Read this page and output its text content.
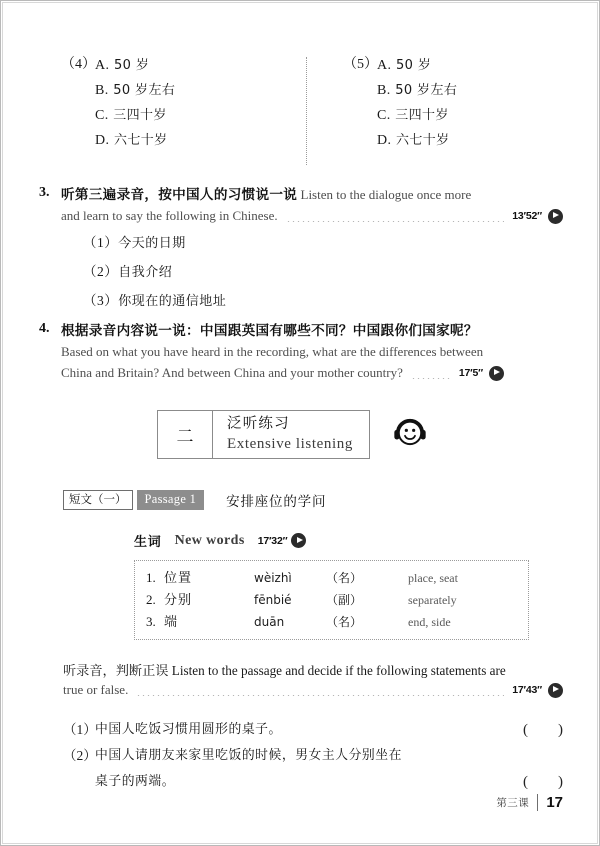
（4） A. 50 岁
B. 50 岁左右
C. 三四十岁
D. 六七十岁
（5） A. 50 岁
B. 50 岁左右
C. 三四十岁
D. 六七十岁
3. 听第三遍录音，按中国人的习惯说一说 Listen to the dialogue once more
and learn to say the following in Chinese.	13′52″
（1）今天的日期
（2）自我介绍
（3）你现在的通信地址
4. 根据录音内容说一说：中国跟英国有哪些不同？中国跟你们国家呢？
Based on what you have heard in the recording, what are the differences between
China and Britain? And between China and your mother country?	17′5″
二
泛听练习
Extensive listening
短文（一）	Passage 1	安排座位的学问
生词 New words 17′32″
1. 位置	wèizhì	（名）	place, seat
2. 分别	fēnbié	（副）	separately
3. 端	duān	（名）	end, side
听录音，判断正误 Listen to the passage and decide if the following statements are
true or false.	17′43″
（1）
中国人吃饭习惯用圆形的桌子。	(        )
（2）
中国人请朋友来家里吃饭的时候，男女主人分别坐在
桌子的两端。	(        )
第三课 17
